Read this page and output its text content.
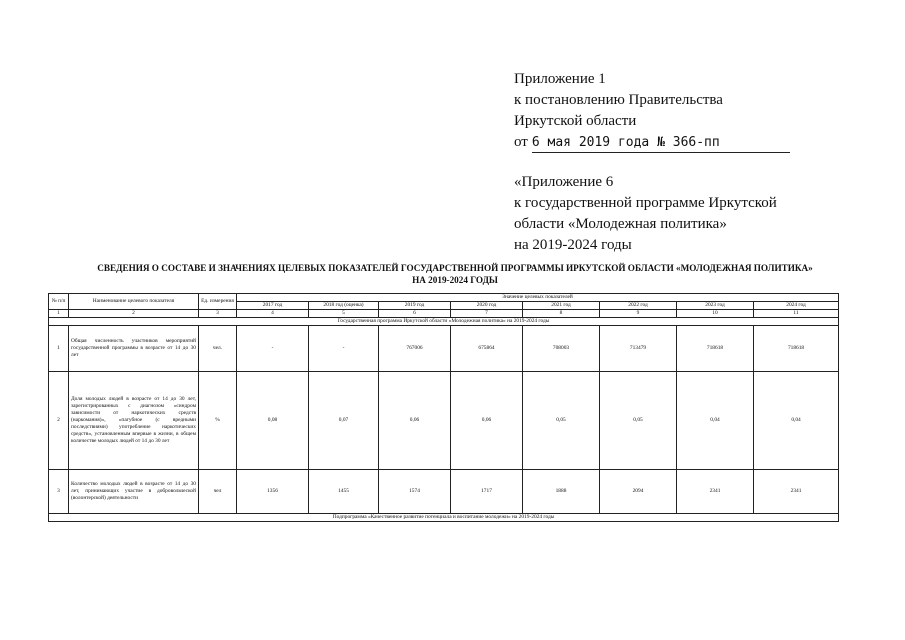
Приложение 1
к постановлению Правительства
Иркутской области
от 6 мая 2019 года № 366-пп
«Приложение 6
к государственной программе Иркутской
области «Молодежная политика»
на 2019-2024 годы
СВЕДЕНИЯ О СОСТАВЕ И ЗНАЧЕНИЯХ ЦЕЛЕВЫХ ПОКАЗАТЕЛЕЙ ГОСУДАРСТВЕННОЙ ПРОГРАММЫ ИРКУТСКОЙ ОБЛАСТИ «МОЛОДЕЖНАЯ ПОЛИТИКА»
НА 2019-2024 ГОДЫ
№ п/п	Наименование целевого показателя	Ед. измерения	Значение целевых показателей							
			2017 год	2018 год (оценка)	2019 год	2020 год	2021 год	2022 год	2023 год	2024 год
1	2	3	4	5	6	7	8	9	10	11
Государственная программа Иркутской области «Молодежная политика» на 2019-2024 годы										
1	Общая численность участников мероприятий государственной программы в возрасте от 14 до 30 лет	чел.	-	-	767006	675864	708003	713479	718618	718618
2	Доля молодых людей в возрасте от 14 до 30 лет, зарегистрированных с диагнозом «синдром зависимости от наркотических средств (наркомания)», «пагубное (с вредными последствиями) употребление наркотических средств», установленным впервые в жизни, в общем количестве молодых людей от 14 до 30 лет	%	0,08	0,07	0,06	0,06	0,05	0,05	0,04	0,04
3	Количество молодых людей в возрасте от 14 до 30 лет, принимающих участие в добровольческой (волонтерской) деятельности	чел	1356	1455	1574	1717	1888	2094	2341	2341
Подпрограмма «Качественное развитие потенциала и воспитание молодежи» на 2019-2024 годы										
